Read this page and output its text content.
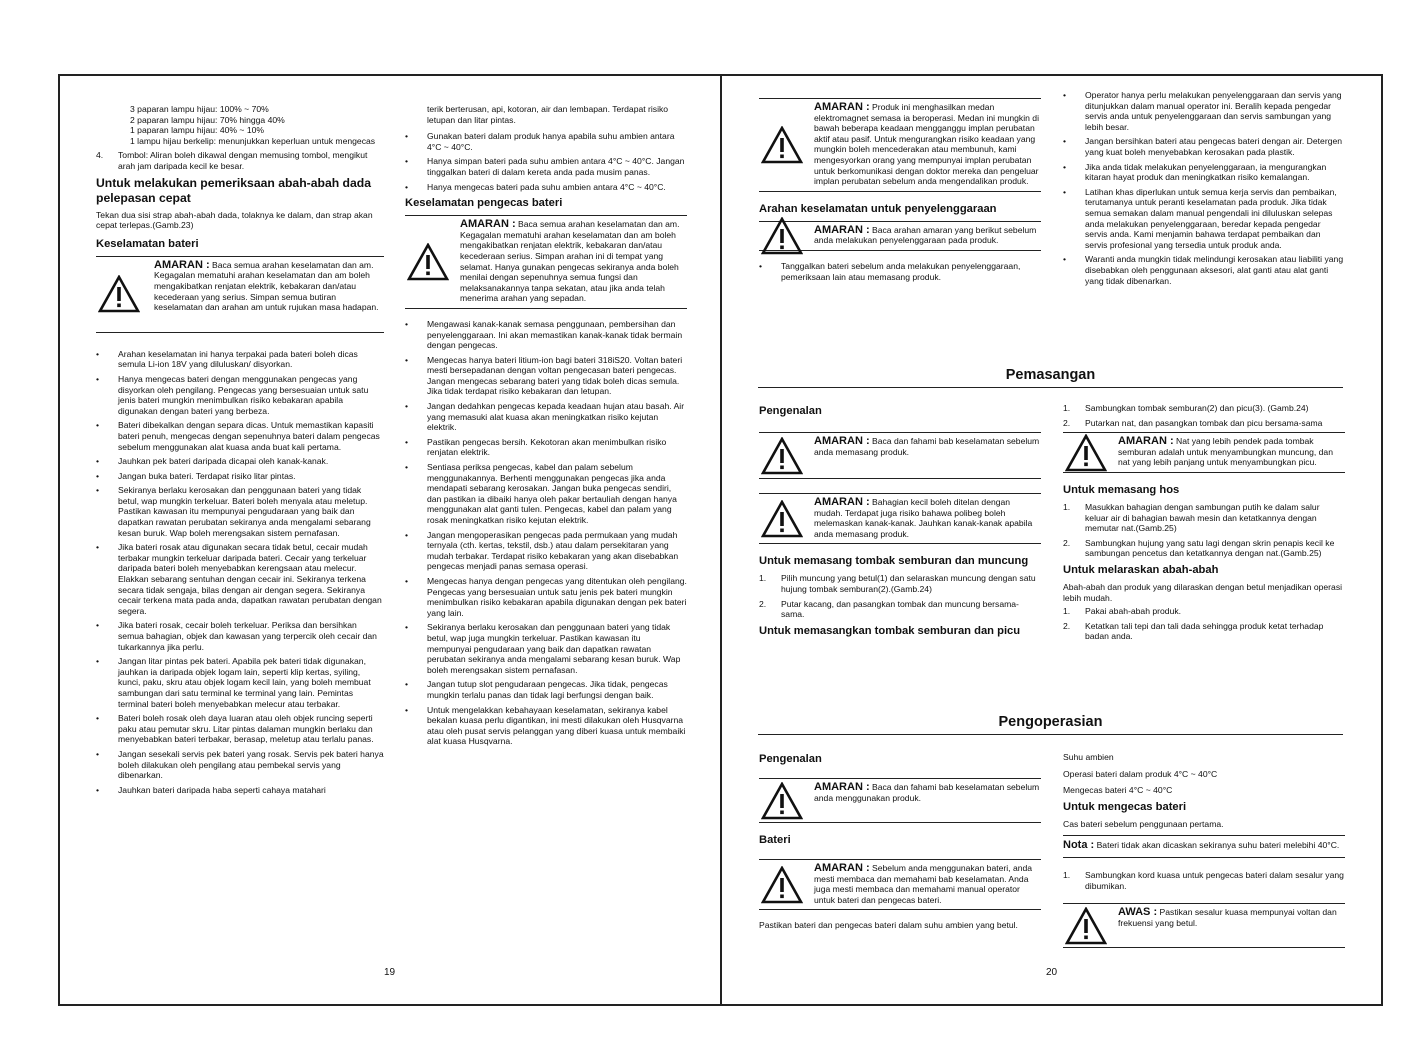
3 paparan lampu hijau: 100% ~ 70%
2 paparan lampu hijau: 70% hingga 40%
1 paparan lampu hijau: 40% ~ 10%
1 lampu hijau berkelip: menunjukkan keperluan untuk mengecas
4. Tombol: Aliran boleh dikawal dengan memusing tombol, mengikut arah jam daripada kecil ke besar.
Untuk melakukan pemeriksaan abah-abah dada pelepasan cepat

Tekan dua sisi strap abah-abah dada, tolaknya ke dalam, dan strap akan cepat terlepas.(Gamb.23)

Keselamatan bateri
AMARAN : Baca semua arahan keselamatan dan am. Kegagalan mematuhi arahan keselamatan dan am boleh mengakibatkan renjatan elektrik, kebakaran dan/atau kecederaan yang serius. Simpan semua butiran keselamatan dan arahan am untuk rujukan masa hadapan.
• Arahan keselamatan ini hanya terpakai pada bateri boleh dicas semula Li-ion 18V yang diluluskan/ disyorkan.
• Hanya mengecas bateri dengan menggunakan pengecas yang disyorkan oleh pengilang. Pengecas yang bersesuaian untuk satu jenis bateri mungkin menimbulkan risiko kebakaran apabila digunakan dengan bateri yang berbeza.
• Bateri dibekalkan dengan separa dicas. Untuk memastikan kapasiti bateri penuh, mengecas dengan sepenuhnya bateri dalam pengecas sebelum menggunakan alat kuasa anda buat kali pertama.
• Jauhkan pek bateri daripada dicapai oleh kanak-kanak.
• Jangan buka bateri. Terdapat risiko litar pintas.
• Sekiranya berlaku kerosakan dan penggunaan bateri yang tidak betul, wap mungkin terkeluar. Bateri boleh menyala atau meletup. Pastikan kawasan itu mempunyai pengudaraan yang baik dan dapatkan rawatan perubatan sekiranya anda mengalami sebarang kesan buruk. Wap boleh merengsakan sistem pernafasan.
• Jika bateri rosak atau digunakan secara tidak betul, cecair mudah terbakar mungkin terkeluar daripada bateri. Cecair yang terkeluar daripada bateri boleh menyebabkan kerengsaan atau melecur. Elakkan sebarang sentuhan dengan cecair ini. Sekiranya terkena secara tidak sengaja, bilas dengan air dengan segera. Sekiranya cecair terkena mata pada anda, dapatkan rawatan perubatan dengan segera.
• Jika bateri rosak, cecair boleh terkeluar. Periksa dan bersihkan semua bahagian, objek dan kawasan yang terpercik oleh cecair dan tukarkannya jika perlu.
• Jangan litar pintas pek bateri. Apabila pek bateri tidak digunakan, jauhkan ia daripada objek logam lain, seperti klip kertas, syiling, kunci, paku, skru atau objek logam kecil lain, yang boleh membuat sambungan dari satu terminal ke terminal yang lain. Pemintas terminal bateri boleh menyebabkan melecur atau terbakar.
• Bateri boleh rosak oleh daya luaran atau oleh objek runcing seperti paku atau pemutar skru. Litar pintas dalaman mungkin berlaku dan menyebabkan bateri terbakar, berasap, meletup atau terlalu panas.
• Jangan sesekali servis pek bateri yang rosak. Servis pek bateri hanya boleh dilakukan oleh pengilang atau pembekal servis yang dibenarkan.
• Jauhkan bateri daripada haba seperti cahaya matahari

terik berterusan, api, kotoran, air dan lembapan. Terdapat risiko letupan dan litar pintas.

• Gunakan bateri dalam produk hanya apabila suhu ambien antara 4°C ~ 40°C.
• Hanya simpan bateri pada suhu ambien antara 4°C ~ 40°C. Jangan tinggalkan bateri di dalam kereta anda pada musim panas.
• Hanya mengecas bateri pada suhu ambien antara 4°C ~ 40°C.
Keselamatan pengecas bateri
AMARAN : Baca semua arahan keselamatan dan am. Kegagalan mematuhi arahan keselamatan dan am boleh mengakibatkan renjatan elektrik, kebakaran dan/atau kecederaan serius. Simpan arahan ini di tempat yang selamat. Hanya gunakan pengecas sekiranya anda boleh menilai dengan sepenuhnya semua fungsi dan melaksanakannya tanpa sekatan, atau jika anda telah menerima arahan yang sepadan.
• Mengawasi kanak-kanak semasa penggunaan, pembersihan dan penyelenggaraan. Ini akan memastikan kanak-kanak tidak bermain dengan pengecas.
• Mengecas hanya bateri litium-ion bagi bateri 318iS20. Voltan bateri mesti bersepadanan dengan voltan pengecasan bateri pengecas. Jangan mengecas sebarang bateri yang tidak boleh dicas semula. Jika tidak terdapat risiko kebakaran dan letupan.
• Jangan dedahkan pengecas kepada keadaan hujan atau basah. Air yang memasuki alat kuasa akan meningkatkan risiko kejutan elektrik.
• Pastikan pengecas bersih. Kekotoran akan menimbulkan risiko renjatan elektrik.
• Sentiasa periksa pengecas, kabel dan palam sebelum menggunakannya. Berhenti menggunakan pengecas jika anda mendapati sebarang kerosakan. Jangan buka pengecas sendiri, dan pastikan ia dibaiki hanya oleh pakar bertauliah dengan hanya menggunakan alat ganti tulen. Pengecas, kabel dan palam yang rosak meningkatkan risiko kejutan elektrik.
• Jangan mengoperasikan pengecas pada permukaan yang mudah ternyala (cth. kertas, tekstil, dsb.) atau dalam persekitaran yang mudah terbakar. Terdapat risiko kebakaran yang akan disebabkan pengecas menjadi panas semasa operasi.
• Mengecas hanya dengan pengecas yang ditentukan oleh pengilang. Pengecas yang bersesuaian untuk satu jenis pek bateri mungkin menimbulkan risiko kebakaran apabila digunakan dengan pek bateri yang lain.
• Sekiranya berlaku kerosakan dan penggunaan bateri yang tidak betul, wap juga mungkin terkeluar. Pastikan kawasan itu mempunyai pengudaraan yang baik dan dapatkan rawatan perubatan sekiranya anda mengalami sebarang kesan buruk. Wap boleh merengsakan sistem pernafasan.
• Jangan tutup slot pengudaraan pengecas. Jika tidak, pengecas mungkin terlalu panas dan tidak lagi berfungsi dengan baik.
• Untuk mengelakkan kebahayaan keselamatan, sekiranya kabel bekalan kuasa perlu digantikan, ini mesti dilakukan oleh Husqvarna atau oleh pusat servis pelanggan yang diberi kuasa untuk membaiki alat kuasa Husqvarna.
19
AMARAN : Produk ini menghasilkan medan elektromagnet semasa ia beroperasi. Medan ini mungkin di bawah beberapa keadaan mengganggu implan perubatan aktif atau pasif. Untuk mengurangkan risiko keadaan yang mungkin boleh mencederakan atau membunuh, kami mengesyorkan orang yang mempunyai implan perubatan untuk berkomunikasi dengan doktor mereka dan pengeluar implan perubatan sebelum anda mengendalikan produk.
Arahan keselamatan untuk penyelenggaraan
AMARAN : Baca arahan amaran yang berikut sebelum anda melakukan penyelenggaraan pada produk.
• Tanggalkan bateri sebelum anda melakukan penyelenggaraan, pemeriksaan lain atau memasang produk.
• Operator hanya perlu melakukan penyelenggaraan dan servis yang ditunjukkan dalam manual operator ini. Beralih kepada pengedar servis anda untuk penyelenggaraan dan servis sambungan yang lebih besar.
• Jangan bersihkan bateri atau pengecas bateri dengan air. Detergen yang kuat boleh menyebabkan kerosakan pada plastik.
• Jika anda tidak melakukan penyelenggaraan, ia mengurangkan kitaran hayat produk dan meningkatkan risiko kemalangan.
• Latihan khas diperlukan untuk semua kerja servis dan pembaikan, terutamanya untuk peranti keselamatan pada produk. Jika tidak semua semakan dalam manual pengendali ini diluluskan selepas anda melakukan penyelenggaraan, beredar kepada pengedar servis anda. Kami menjamin bahawa terdapat pembaikan dan servis profesional yang tersedia untuk produk anda.
• Waranti anda mungkin tidak melindungi kerosakan atau liabiliti yang disebabkan oleh penggunaan aksesori, alat ganti atau alat ganti yang tidak dibenarkan.
Pemasangan
Pengenalan
AMARAN : Baca dan fahami bab keselamatan sebelum anda memasang produk.
AMARAN : Bahagian kecil boleh ditelan dengan mudah. Terdapat juga risiko bahawa polibeg boleh melemaskan kanak-kanak. Jauhkan kanak-kanak apabila anda memasang produk.
Untuk memasang tombak semburan dan muncung
1. Pilih muncung yang betul(1) dan selaraskan muncung dengan satu hujung tombak semburan(2).(Gamb.24)
2. Putar kacang, dan pasangkan tombak dan muncung bersama-sama.
Untuk memasangkan tombak semburan dan picu
1. Sambungkan tombak semburan(2) dan picu(3). (Gamb.24)
2. Putarkan nat, dan pasangkan tombak dan picu bersama-sama
AMARAN : Nat yang lebih pendek pada tombak semburan adalah untuk menyambungkan muncung, dan nat yang lebih panjang untuk menyambungkan picu.
Untuk memasang hos
1. Masukkan bahagian dengan sambungan putih ke dalam salur keluar air di bahagian bawah mesin dan ketatkannya dengan memutar nat.(Gamb.25)
2. Sambungkan hujung yang satu lagi dengan skrin penapis kecil ke sambungan pencetus dan ketatkannya dengan nat.(Gamb.25)
Untuk melaraskan abah-abah

Abah-abah dan produk yang dilaraskan dengan betul menjadikan operasi lebih mudah.

1. Pakai abah-abah produk.
2. Ketatkan tali tepi dan tali dada sehingga produk ketat terhadap badan anda.
Pengoperasian
Pengenalan
AMARAN : Baca dan fahami bab keselamatan sebelum anda menggunakan produk.
Bateri
AMARAN : Sebelum anda menggunakan bateri, anda mesti membaca dan memahami bab keselamatan. Anda juga mesti membaca dan memahami manual operator untuk bateri dan pengecas bateri.

Pastikan bateri dan pengecas bateri dalam suhu ambien yang betul.

Suhu ambien

Operasi bateri dalam produk 4°C ~ 40°C

Mengecas bateri 4°C ~ 40°C

Untuk mengecas bateri

Cas bateri sebelum penggunaan pertama.

Nota : Bateri tidak akan dicaskan sekiranya suhu bateri melebihi 40°C.
1. Sambungkan kord kuasa untuk pengecas bateri dalam sesalur yang dibumikan.
AWAS : Pastikan sesalur kuasa mempunyai voltan dan frekuensi yang betul.
20
